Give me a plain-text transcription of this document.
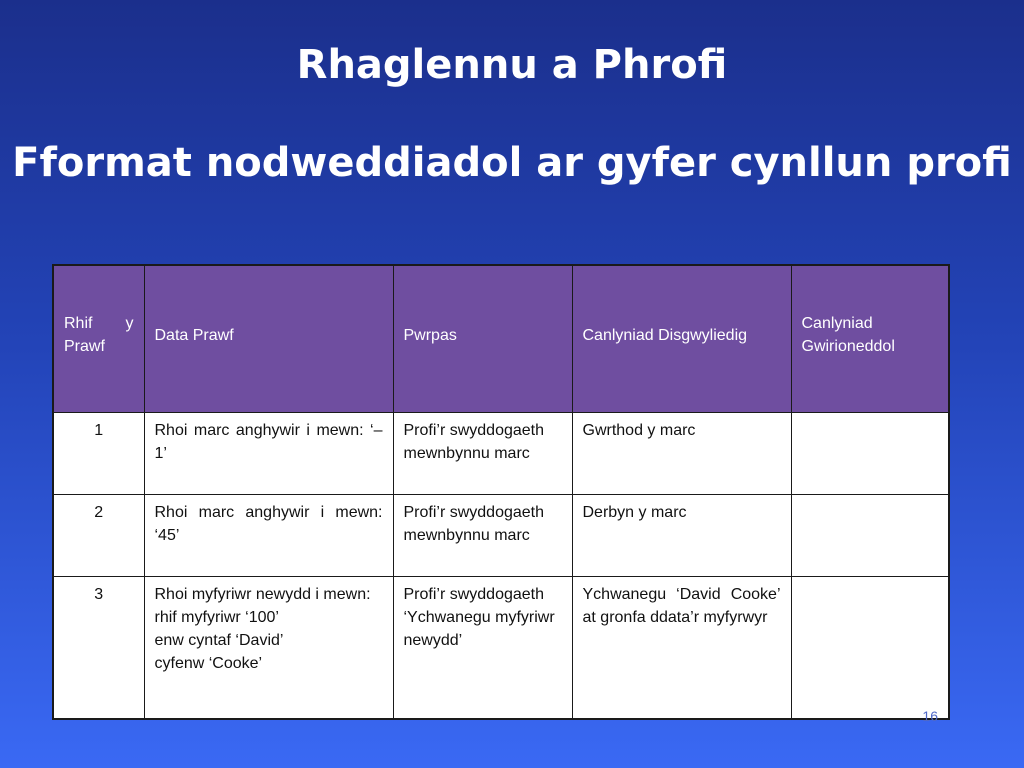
Rhaglennu a Phrofi
Fformat nodweddiadol ar gyfer cynllun profi
Rhif y Prawf	Data Prawf	Pwrpas	Canlyniad Disgwyliedig	Canlyniad Gwirioneddol

1	Rhoi marc anghywir i mewn: ‘–1’	Profi’r swyddogaeth mewnbynnu marc	Gwrthod y marc	

2	Rhoi marc anghywir i mewn: ‘45’	Profi’r swyddogaeth mewnbynnu marc	Derbyn y marc	

3	Rhoi myfyriwr newydd i mewn:
rhif myfyriwr ‘100’
enw cyntaf ‘David’
cyfenw ‘Cooke’	Profi’r swyddogaeth ‘Ychwanegu myfyriwr newydd’	Ychwanegu ‘David Cooke’ at gronfa ddata’r myfyrwyr	

16
